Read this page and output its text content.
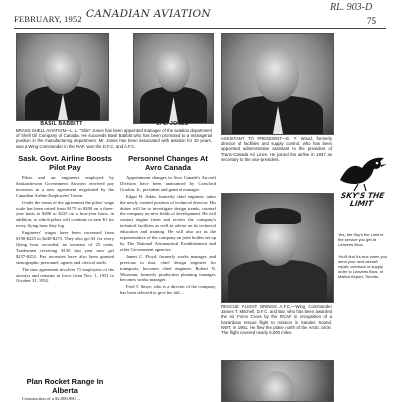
FEBRUARY, 1952 CANADIAN AVIATION
RL. 903-D
75
BASIL BABBITT	L. L. JONES
BRASS SHELL AVIATION—L. L. "Slim" Jones has been appointed manager of the aviation department of Shell Oil Company of Canada. He succeeds Basil Babbitt who has been promoted to a managerial position in the manufacturing department. Mr. Jones has been associated with aviation for 10 years, was a Wing Commander in the RAF, won the D.F.C. and A.F.C.
ASSISTANT TO PRESIDENT—E. T. Wood, formerly director of facilities and supply control, who has been appointed administrative assistant to the president of Trans-Canada Air Lines. He joined the airline in 1937 as secretary to the vice-president.
Sask. Govt. Airline Boosts Pilot Pay

Pilots and air engineers employed by Saskatchewan Government Airways received pay increases in a new agreement negotiated by the Canadian Airline Employees' Union.

Under the terms of the agreement the pilots' wage scale has been raised from $175 to $200 on a three-year basis to $200 to $225 on a four-year basis, in addition, to which pilots will continue to earn $1 for every flying hour they log.

Engineers' wages have been increased from $190-$225 to $240-$275. They also get $1 for every flying hour recorded, an increase of 25 cents. Tradesmen receiving $150 last year now get $237-$252. Pay increases have also been granted stenographic personnel, agents and clerical staffs.

The new agreement involves 71 employees of the airways and remains in force from Nov. 1, 1951 to October 31, 1952.

Plan Rocket Range In Alberta

Construction of a $2,000,000 ...

Personnel Changes At Avro Canada

Appointment changes in Avro Canada's Aircraft Division have been announced by Crawford Gordon, Jr., president and general manager.

Edgar H. Atkin, formerly chief engineer, takes the newly created position of technical director. His duties will be to investigate design trends, counsel the company on new fields of development. He will contact engine firms and review the company's technical facilities as well as advise on its technical education and training. He will also act as the representative of the company on joint bodies set up by The National Aeronautical Establishment and other Government agencies.

James C. Floyd, formerly works manager, and previous to that, chief design engineer for transports, becomes chief engineer. Robert N. Wiseman, formerly production planning manager, becomes works manager.

Fred T. Smye, who is a director of the company, has been selected to give his full ...

RESCUE FLIGHT BRINGS A.F.C.—Wing Commander James T. Mitchell, D.F.C. and Bar, who has been awarded the Air Force Cross by the RCAF in recognition of a hazardous rescue flight to mission in Sandee Sound, NWT, in 1951. He flew the plane north of the Arctic circle. The flight covered nearly 6,000 miles.
SKY'S THE LIMIT
Yes, the Sky's the Limit in the service you get at Leavens Bros.
You'll find it's true when you send your next aircraft repair, overhaul or supply order to Leavens Bros. of Malton Airport, Toronto.
